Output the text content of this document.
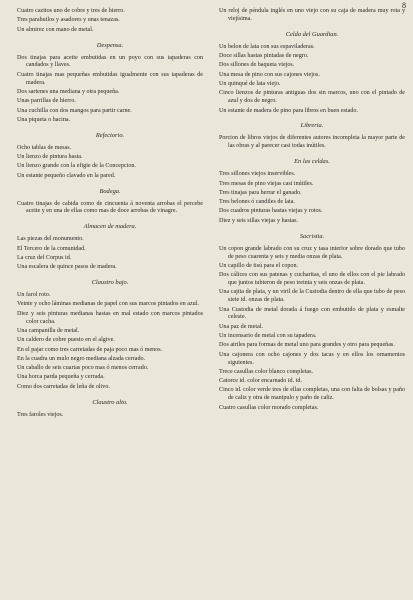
8

Cuatro cazitos uno de cobre y tres de hierro.

Tres parahuilos y asadores y unas tenazas.

Un almirez con mano de metal.

Despensa.

Dos tinajas para aceite embutidas en un poyo con sus tapaderas con candados y llaves.

Cuatro tinajas mas pequeñas embutidas igualmente con sus tapaderas de madera.

Dos sartenes una mediana y otra pequeña.

Unas parrillas de hierro.

Una cuchilla con dos mangos para partir carne.

Una piqueta o hacina.

Refectorio.

Ocho tablas de mesas.

Un lienzo de pintura hasta.

Un lienzo grande con la efigie de la Concepcion.

Un estante pequeño clavado en la pared.

Bodega.

Cuatro tinajas de cabida como de cincuenta á noventa arrobas el percebe aceite y en una de ellas como mas de doce arrobas de vinagre.

Almacen de madera.

Las piezas del monumento.

El Tercero de la comunidad.

La cruz del Corpus id.

Una escalera de quince pasos de madera.

Claustro bajo.

Un farol roto.

Veinte y ocho láminas medianas de papel con sus marcos pintados en azul.

Diez y seis pinturas medianas hastas en mal estado con marcos pintados color cacha.

Una campanilla de metal.

Un caldero de cobre puesto en el algive.

En el pajar como tres carretadas de paja poco mas ó menos.

En la cuadra un mulo negro mediana alzada cerrado.

Un caballo de seis cuartas poco mas ó menos cerrado.

Una horca parda pequeña y cerrada.

Como dos carretadas de leña de olivo.

Claustro alto.

Tres faroles viejos.

Un reloj de péndula inglés en uno viejo con su caja de madera muy rota y viejísima.

Celda del Guardian.

Un belon de lata con sus espaviladeras.

Doce sillas hastas pintadas de negro.

Dos sillones de baqueta viejos.

Una mesa de pino con sus cajones viejos.

Un quinqué de lata viejo.

Cinco lienzos de pinturas antiguas dos sin marcos, uno con el pintado de azul y dos de negro.

Un estante de madera de pino para libros en buen estado.

Libreria.

Porcion de libros viejos de diferentes autores incompleta la mayor parte de las obras y al parecer casi todas inútiles.

En las celdas.

Tres sillones viejos inservibles.

Tres mesas de pino viejas casi inútiles.

Tres tinajas para herrar el ganado.

Tres belones ó candiles de lata.

Dos cuadros pinturas hastas viejas y rotos.

Diez y seis sillas viejas y hastas.

Sacristia.

Un copon grande labrado con su cruz y tasa interior sobre dorado que tubo de peso cuarenta y seis y media onzas de plata.

Un capillo de tisú para el copon.

Dos cálices con sus patenas y cucharitas, el uno de ellos con el pie labrado que juntos tubieron de peso treinta y seis onzas de plata.

Una cajita de plata, y un viril de la Custodia dentro de ella que tubo de peso siete id. onzas de plata.

Una Custodia de metal dorada á fuego con embutido de plata y esmalte celeste.

Una paz de metal.

Un incensario de metal con su tapadera.

Dos atriles para formas de metal uno para grandes y otro para pequeñas.

Una cajonera con ocho cajones y dos tacas y en ellos los ornamentos siguientes.

Trece casullas color blanco completas.

Catorce id. color encarnado id. id.

Cinco id. color verde tres de ellas completas, una con falta de bolsas y paño de caliz y otra de manipulo y paño de caliz.

Cuatro casullas color morado completas.
